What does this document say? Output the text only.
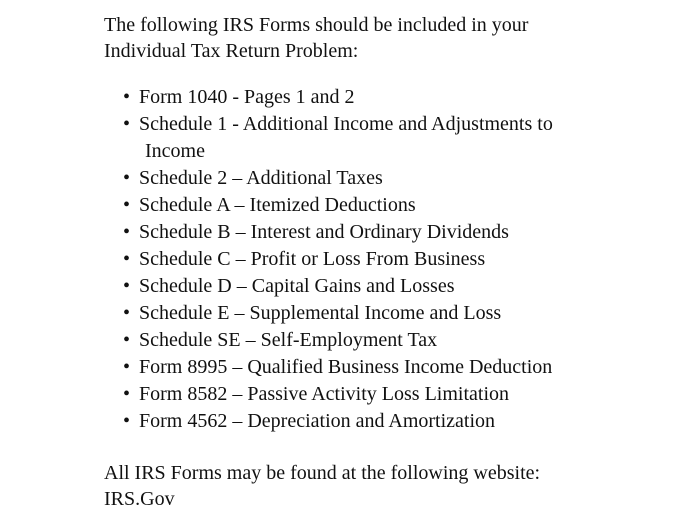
The following IRS Forms should be included in your
Individual Tax Return Problem:

• Form 1040 - Pages 1 and 2
• Schedule 1 - Additional Income and Adjustments to
Income
• Schedule 2 – Additional Taxes
• Schedule A – Itemized Deductions
• Schedule B – Interest and Ordinary Dividends
• Schedule C – Profit or Loss From Business
• Schedule D – Capital Gains and Losses
• Schedule E – Supplemental Income and Loss
• Schedule SE – Self-Employment Tax
• Form 8995 – Qualified Business Income Deduction
• Form 8582 – Passive Activity Loss Limitation
• Form 4562 – Depreciation and Amortization

All IRS Forms may be found at the following website:
IRS.Gov
